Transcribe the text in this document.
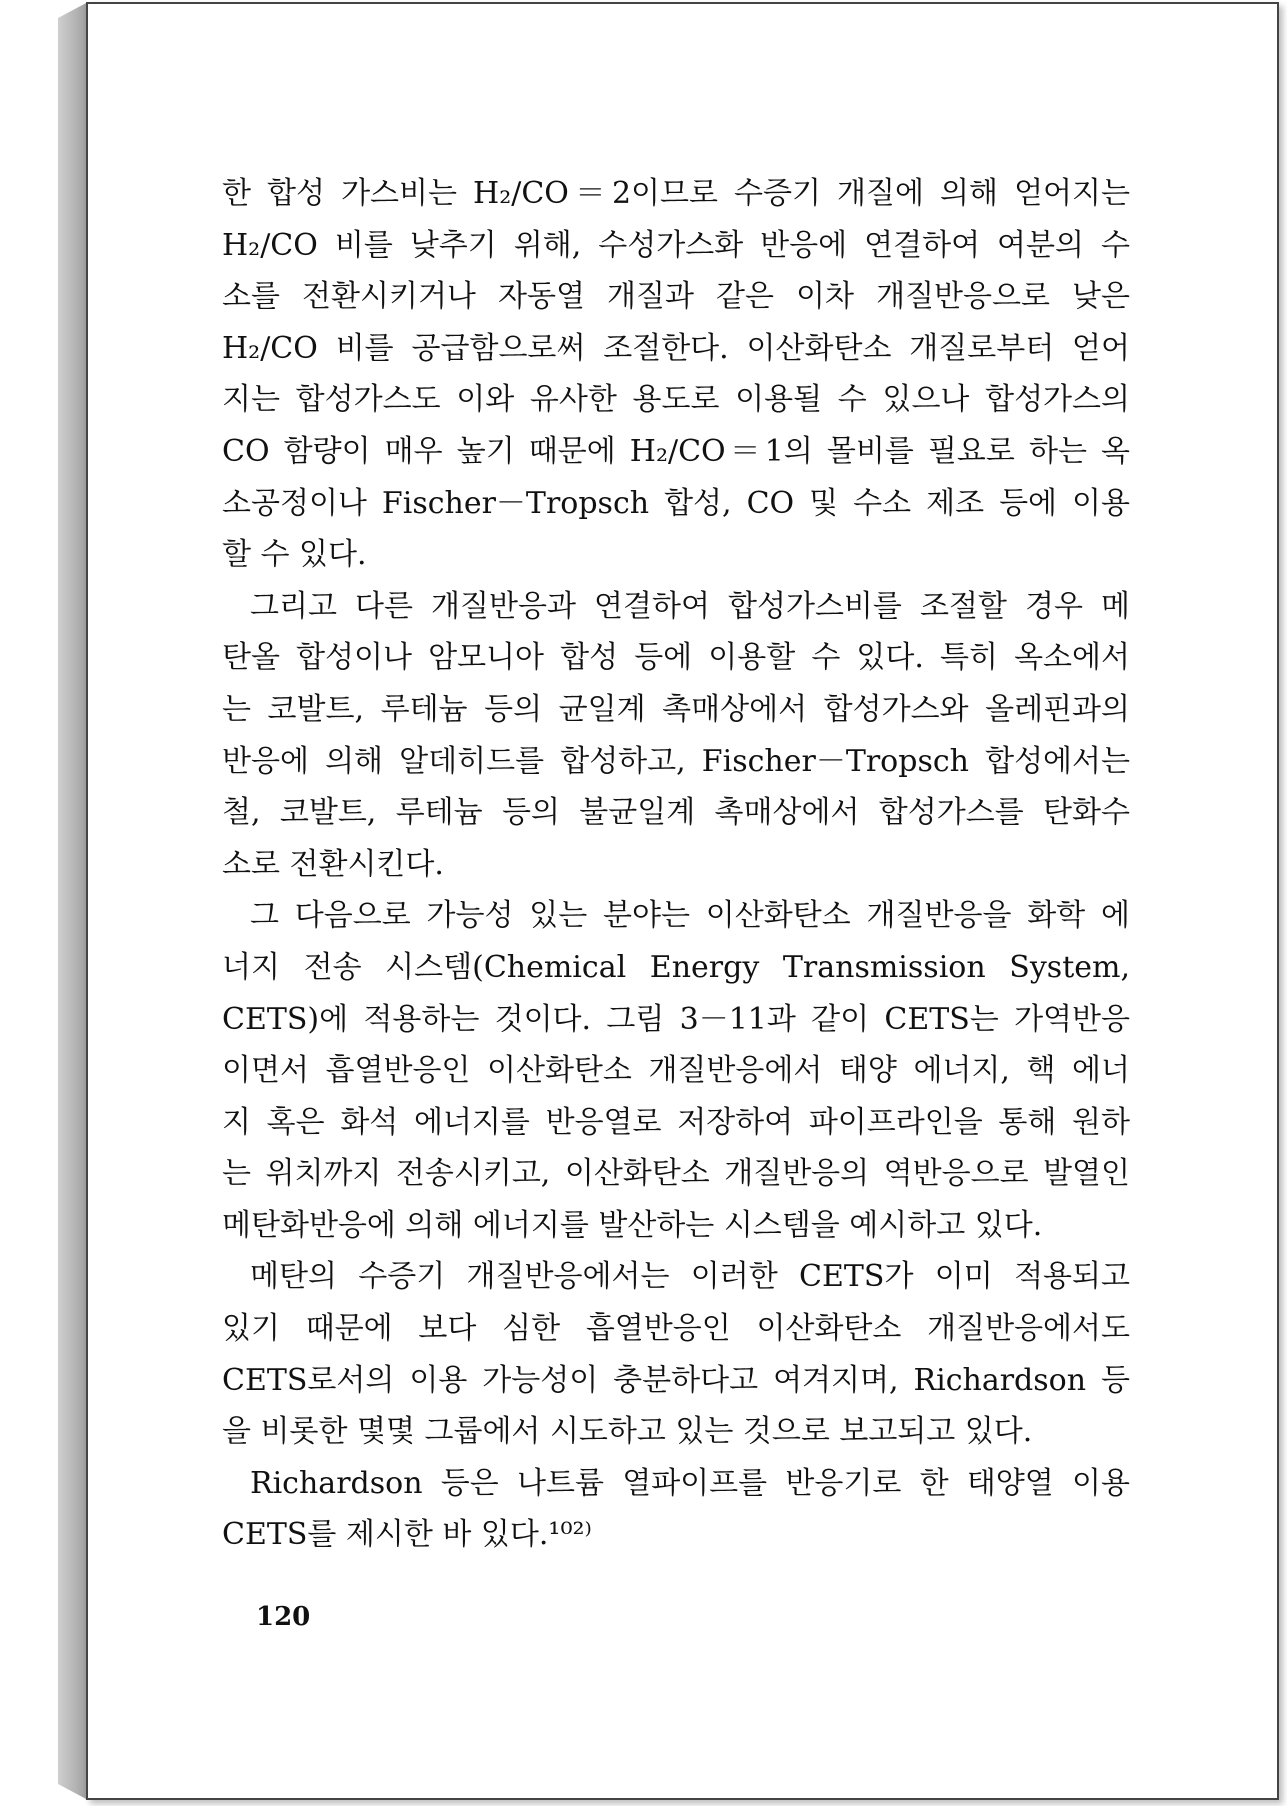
한 합성 가스비는 H₂/CO＝2이므로 수증기 개질에 의해 얻어지는
H₂/CO 비를 낮추기 위해, 수성가스화 반응에 연결하여 여분의 수
소를 전환시키거나 자동열 개질과 같은 이차 개질반응으로 낮은
H₂/CO 비를 공급함으로써 조절한다. 이산화탄소 개질로부터 얻어
지는 합성가스도 이와 유사한 용도로 이용될 수 있으나 합성가스의
CO 함량이 매우 높기 때문에 H₂/CO＝1의 몰비를 필요로 하는 옥
소공정이나 Fischer－Tropsch 합성, CO 및 수소 제조 등에 이용
할 수 있다.
그리고 다른 개질반응과 연결하여 합성가스비를 조절할 경우 메
탄올 합성이나 암모니아 합성 등에 이용할 수 있다. 특히 옥소에서
는 코발트, 루테늄 등의 균일계 촉매상에서 합성가스와 올레핀과의
반응에 의해 알데히드를 합성하고, Fischer－Tropsch 합성에서는
철, 코발트, 루테늄 등의 불균일계 촉매상에서 합성가스를 탄화수
소로 전환시킨다.
그 다음으로 가능성 있는 분야는 이산화탄소 개질반응을 화학 에
너지 전송 시스템(Chemical Energy Transmission System,
CETS)에 적용하는 것이다. 그림 3－11과 같이 CETS는 가역반응
이면서 흡열반응인 이산화탄소 개질반응에서 태양 에너지, 핵 에너
지 혹은 화석 에너지를 반응열로 저장하여 파이프라인을 통해 원하
는 위치까지 전송시키고, 이산화탄소 개질반응의 역반응으로 발열인
메탄화반응에 의해 에너지를 발산하는 시스템을 예시하고 있다.
메탄의 수증기 개질반응에서는 이러한 CETS가 이미 적용되고
있기 때문에 보다 심한 흡열반응인 이산화탄소 개질반응에서도
CETS로서의 이용 가능성이 충분하다고 여겨지며, Richardson 등
을 비롯한 몇몇 그룹에서 시도하고 있는 것으로 보고되고 있다.
Richardson 등은 나트륨 열파이프를 반응기로 한 태양열 이용
CETS를 제시한 바 있다.¹⁰²⁾
120
